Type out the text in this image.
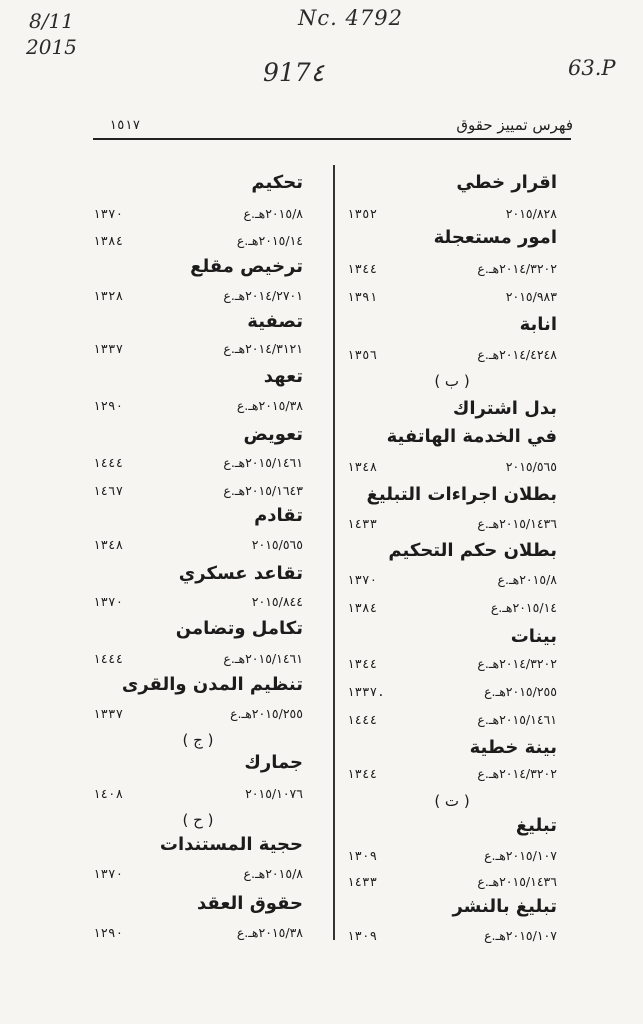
8/11
2015
Nc. 4792
917٤	63.P
فهرس تمييز حقوق
١٥١٧
اقرار خطي
٢٠١٥/٨٢٨
١٣٥٢
امور مستعجلة
٢٠١٤/٣٢٠٢هـ.ع
١٣٤٤
٢٠١٥/٩٨٣
١٣٩١
انابة
٢٠١٤/٤٢٤٨هـ.ع
١٣٥٦
( ب )
بدل اشتراك
في الخدمة الهاتفية
٢٠١٥/٥٦٥
١٣٤٨
بطلان اجراءات التبليغ
٢٠١٥/١٤٣٦هـ.ع
١٤٣٣
بطلان حكم التحكيم
٢٠١٥/٨هـ.ع
١٣٧٠
٢٠١٥/١٤هـ.ع
١٣٨٤
بينات
٢٠١٤/٣٢٠٢هـ.ع
١٣٤٤
٢٠١٥/٢٥٥هـ.ع
١٣٣٧.
٢٠١٥/١٤٦١هـ.ع
١٤٤٤
بينة خطية
٢٠١٤/٣٢٠٢هـ.ع
١٣٤٤
( ت )
تبليغ
٢٠١٥/١٠٧هـ.ع
١٣٠٩
٢٠١٥/١٤٣٦هـ.ع
١٤٣٣
تبليغ بالنشر
٢٠١٥/١٠٧هـ.ع
١٣٠٩
تحكيم
٢٠١٥/٨هـ.ع
١٣٧٠
٢٠١٥/١٤هـ.ع
١٣٨٤
ترخيص مقلع
٢٠١٤/٢٧٠١هـ.ع
١٣٢٨
تصفية
٢٠١٤/٣١٢١هـ.ع
١٣٣٧
تعهد
٢٠١٥/٣٨هـ.ع
١٢٩٠
تعويض
٢٠١٥/١٤٦١هـ.ع
١٤٤٤
٢٠١٥/١٦٤٣هـ.ع
١٤٦٧
تقادم
٢٠١٥/٥٦٥
١٣٤٨
تقاعد عسكري
٢٠١٥/٨٤٤
١٣٧٠
تكامل وتضامن
٢٠١٥/١٤٦١هـ.ع
١٤٤٤
تنظيم المدن والقرى
٢٠١٥/٢٥٥هـ.ع
١٣٣٧
( ج )
جمارك
٢٠١٥/١٠٧٦
١٤٠٨
( ح )
حجية المستندات
٢٠١٥/٨هـ.ع
١٣٧٠
حقوق العقد
٢٠١٥/٣٨هـ.ع
١٢٩٠
